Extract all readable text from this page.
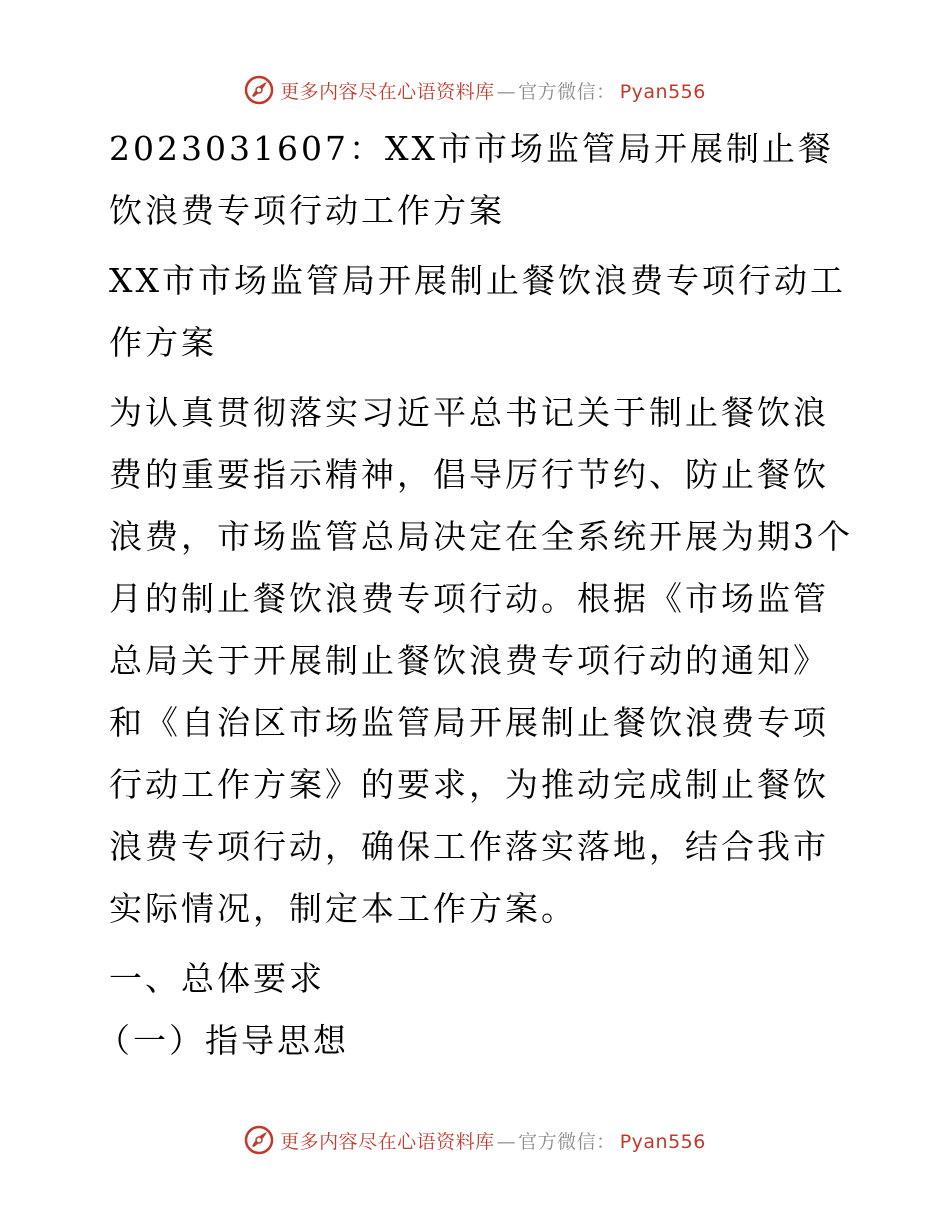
更多内容尽在心语资料库 — 官方微信： Pyan556

2023031607：XX市市场监管局开展制止餐饮浪费专项行动工作方案

XX市市场监管局开展制止餐饮浪费专项行动工作方案

为认真贯彻落实习近平总书记关于制止餐饮浪费的重要指示精神，倡导厉行节约、防止餐饮浪费，市场监管总局决定在全系统开展为期3个月的制止餐饮浪费专项行动。根据《市场监管总局关于开展制止餐饮浪费专项行动的通知》和《自治区市场监管局开展制止餐饮浪费专项行动工作方案》的要求，为推动完成制止餐饮浪费专项行动，确保工作落实落地，结合我市实际情况，制定本工作方案。

一、总体要求

（一）指导思想

更多内容尽在心语资料库 — 官方微信： Pyan556
